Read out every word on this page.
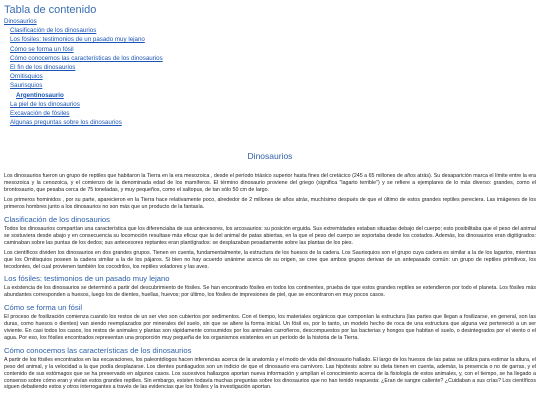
Tabla de contenido
Dinosaurios
Clasificación de los dinosaurios
Los fósiles: testimonios de un pasado muy lejano
Cómo se forma un fósil
Cómo conocemos las características de los dinosaurios
El fin de los dinosaurios
Ornitisquios
Saurisquios
Argentinosaurio
La piel de los dinosaurios
Excavación de fósiles
Algunas preguntas sobre los dinosaurios
Dinosaurios

Los dinosaurios fueron un grupo de reptiles que habitaron la Tierra en la era mesozoica , desde el período triásico superior hasta fines del cretácico (245 a 65 millones de años atrás). Su desaparición marca el límite entre la era mesozoica y la cenozoica, y el comienzo de la denominada edad de los mamíferos. El término dinosaurio proviene del griego (significa "lagarto terrible") y se refiere a ejemplares de lo más diverso: grandes, como el brontosaurio, que pesaba cerca de 75 toneladas, y muy pequeños, como el saltopus, de tan sólo 50 cm de largo.

Los primeros hominidos , por su parte, aparecieron en la Tierra hace relativamente poco, alrededor de 2 millones de años atrás, muchísimo después de que el último de estos grandes reptiles pereciera. Las imágenes de los primeros hombres junto a los dinosaurios no son más que un producto de la fantasía.

Clasificación de los dinosaurios

Todos los dinosaurios compartían una característica que los diferenciaba de sus antecesores, los arcosaurios: su posición erguida. Sus extremidades estaban situadas debajo del cuerpo; esto posibilitaba que el peso del animal se sostuviera desde abajo y en consecuencia su locomoción resultase más eficaz que la del animal de patas abiertas, en la que el peso del cuerpo se soportaba desde los costados. Además, los dinosaurios eran digitígrados: caminaban sobre las puntas de los dedos; sus antecesores reptantes eran plantígrados: se desplazaban pesadamente sobre las plantas de los pies.

Los científicos dividen los dinosaurios en dos grandes grupos. Tienen en cuenta, fundamentalmente, la estructura de los huesos de la cadera. Los Saurisquios son el grupo cuya cadera es similar a la de los lagartos, mientras que los Ornitisquios poseen la cadera similar a la de los pájaros. Si bien no hay acuerdo unánime acerca de su origen, se cree que ambos grupos derivan de un antepasado común: un grupo de reptiles primitivos, los tecodontes, del cual provienen también los cocodrilos, los reptiles voladores y las aves.

Los fósiles: testimonios de un pasado muy lejano

La existencia de los dinosaurios se determinó a partir del descubrimiento de fósiles. Se han encontrado fósiles en todos los continentes, prueba de que estos grandes reptiles se extendieron por todo el planeta. Los fósiles más abundantes corresponden a huesos, luego los de dientes, huellas, huevos; por último, los fósiles de impresiones de piel, que se encontraron en muy pocos casos.

Cómo se forma un fósil

El proceso de fosilización comienza cuando los restos de un ser vivo son cubiertos por sedimentos. Con el tiempo, los materiales orgánicos que componían la estructura (las partes que llegan a fosilizarse, en general, son las duras, como huesos o dientes) van siendo reemplazados por minerales del suelo, sin que se altere la forma inicial. Un fósil es, por lo tanto, un modelo hecho de roca de una estructura que alguna vez perteneció a un ser viviente. En casi todos los casos, los restos de animales y plantas son rápidamente consumidos por los animales carroñeros, descompuestos por las bacterias y hongos que habitan el suelo, o desintegrados por el viento o el agua. Por eso, los fósiles encontrados representan una proporción muy pequeña de los organismos existentes en un período de la historia de la Tierra.

Cómo conocemos las características de los dinosaurios

A partir de los fósiles encontrados en las excavaciones, los paleontólogos hacen inferencias acerca de la anatomía y el modo de vida del dinosaurio hallado. El largo de los huesos de las patas se utiliza para estimar la altura, el peso del animal, y la velocidad a la que podía desplazarse. Los dientes puntiagudos son un indicio de que el dinosaurio era carnívoro. Las hipótesis sobre su dieta tienen en cuenta, además, la presencia o no de garras, y el contenido de sus estómagos que se ha preservado en algunos casos. Los sucesivos hallazgos aportan nueva información y amplían el conocimiento acerca de la fisiología de estos animales, y, con el tiempo, se ha llegado a consenso sobre cómo eran y vivían estos grandes reptiles. Sin embargo, existen todavía muchas preguntas sobre los dinosaurios que no han tenido respuesta: ¿Eran de sangre caliente? ¿Cuidaban a sus crías? Los científicos siguen debatiendo estos y otros interrogantes a través de las evidencias que los fósiles y la investigación aportan.
